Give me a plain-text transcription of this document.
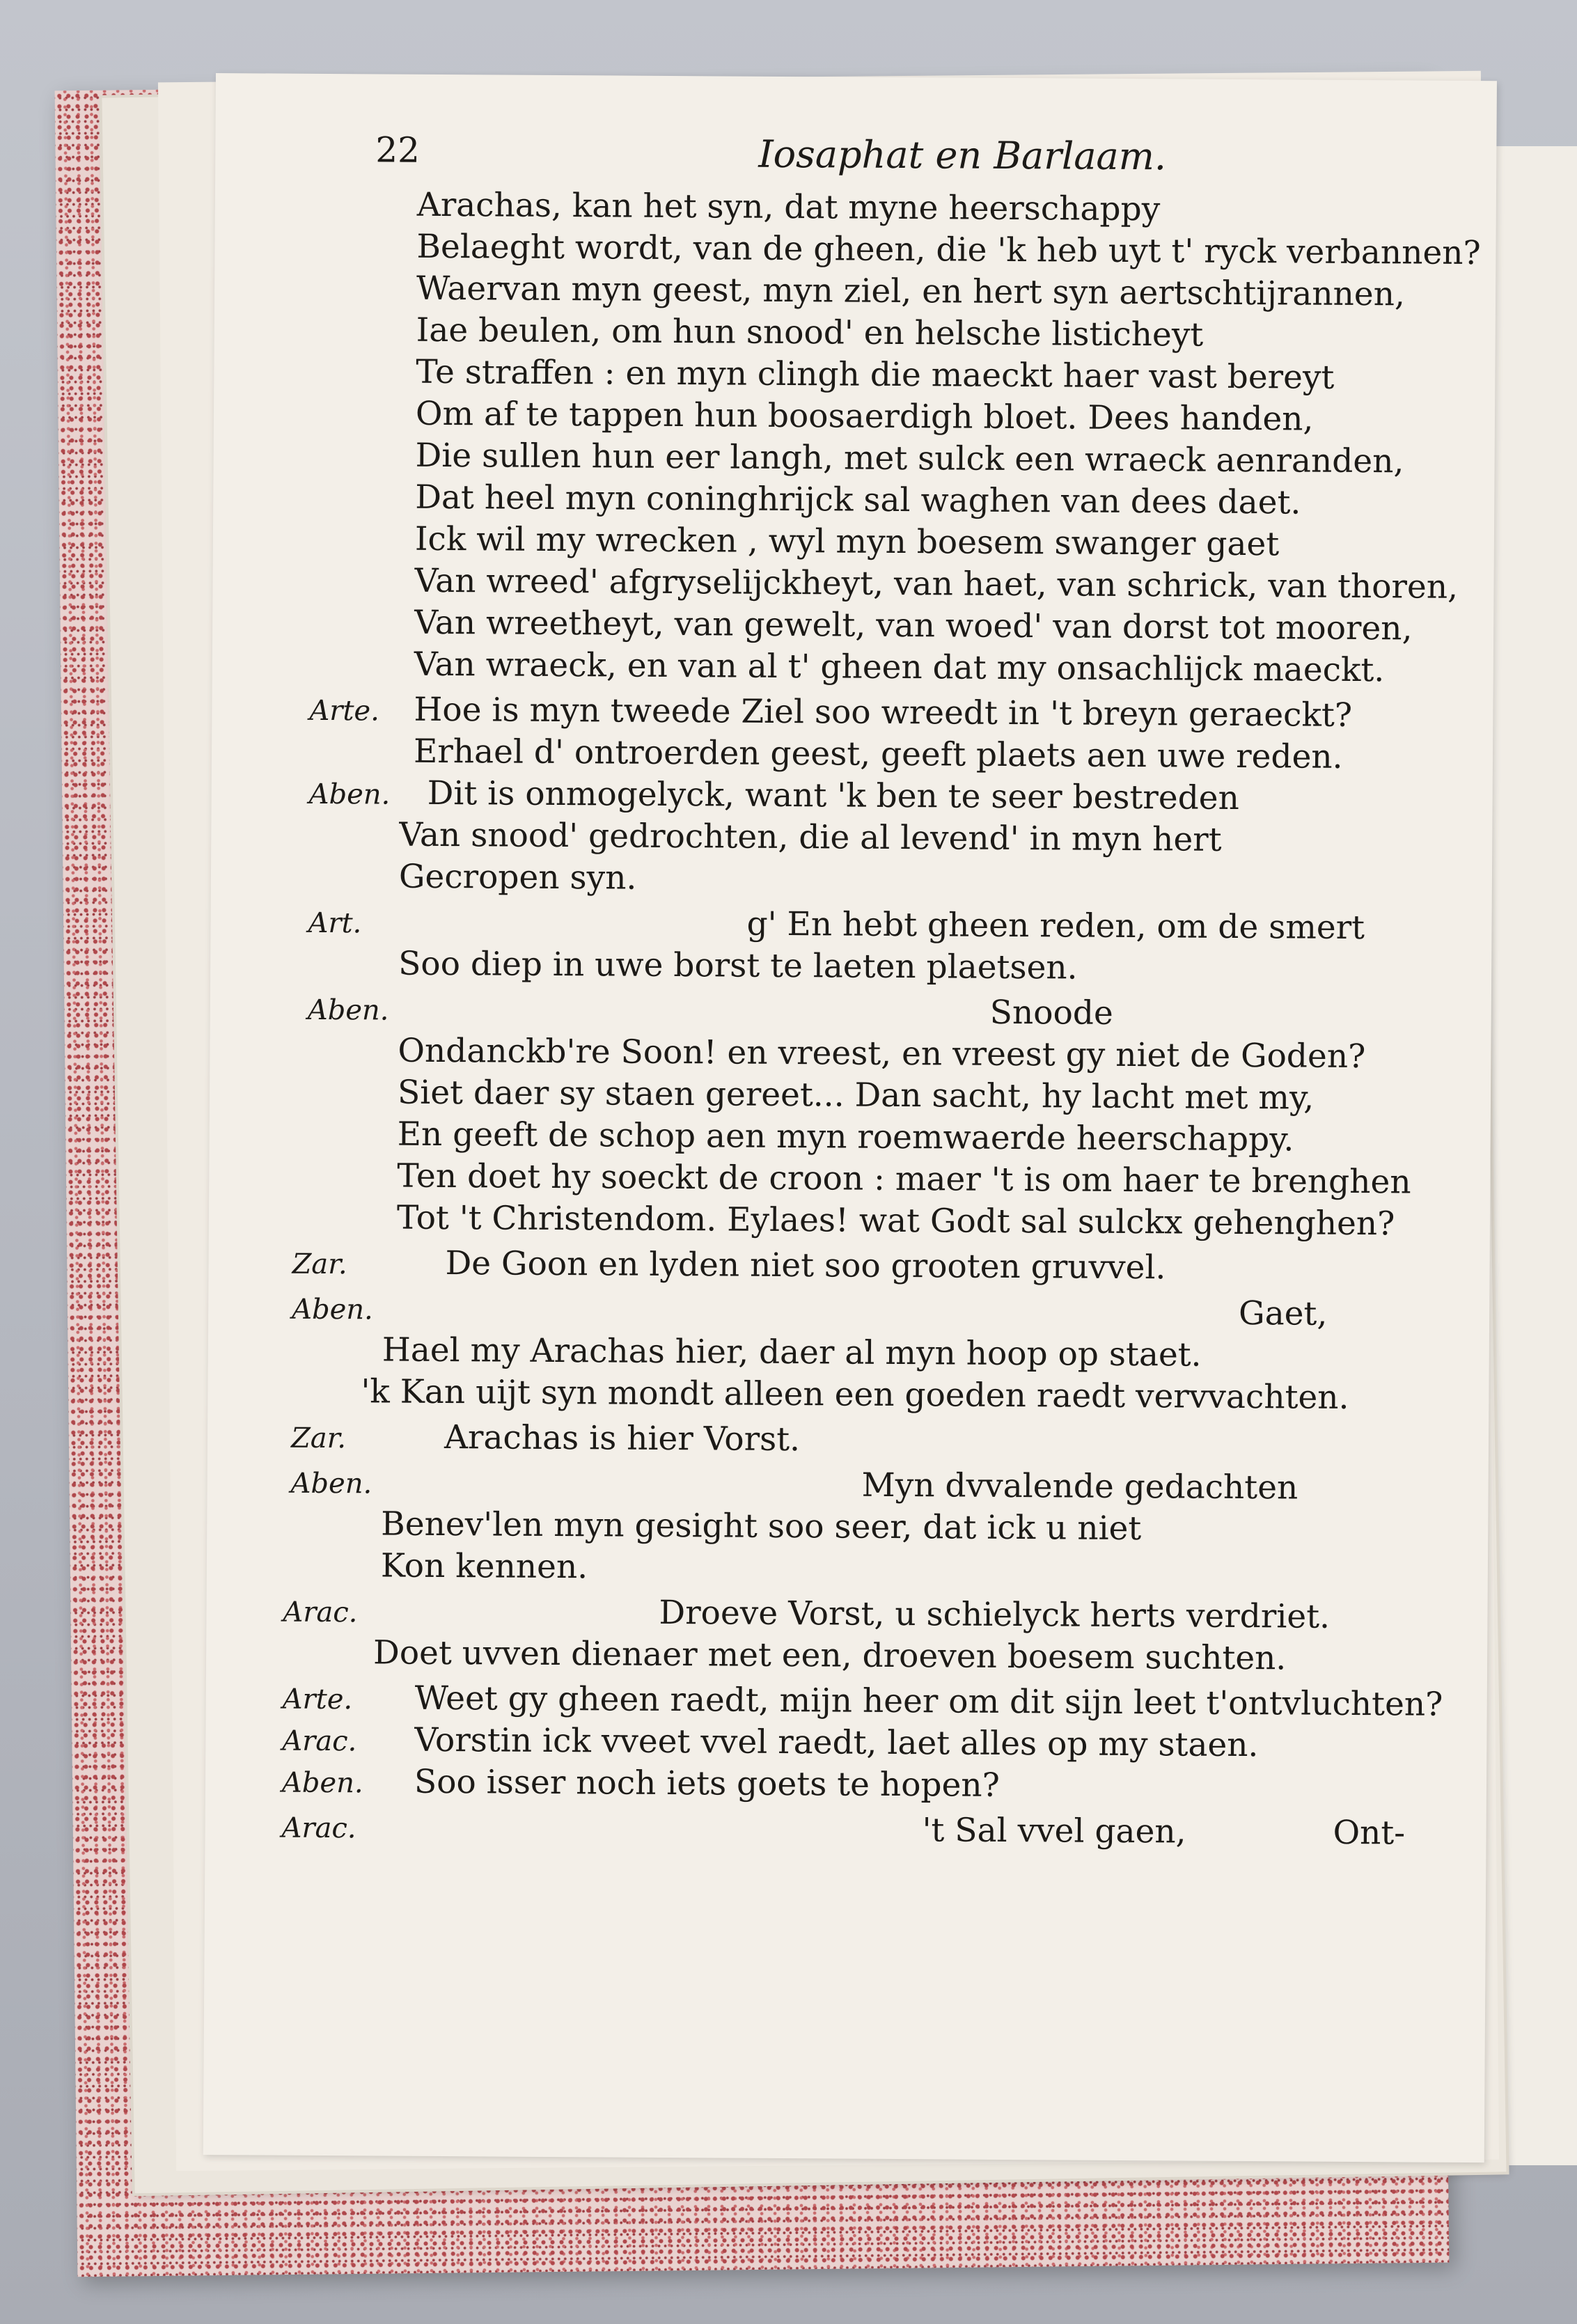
22	Iosaphat en Barlaam.
Arachas, kan het syn, dat myne heerschappy
Belaeght wordt, van de gheen, die 'k heb uyt t' ryck verbannen?
Waervan myn geest, myn ziel, en hert syn aertschtijrannen,
Iae beulen, om hun snood' en helsche listicheyt
Te straffen : en myn clingh die maeckt haer vast bereyt
Om af te tappen hun boosaerdigh bloet. Dees handen,
Die sullen hun eer langh, met sulck een wraeck aenranden,
Dat heel myn coninghrijck sal waghen van dees daet.
Ick wil my wrecken , wyl myn boesem swanger gaet
Van wreed' afgryselijckheyt, van haet, van schrick, van thoren,
Van wreetheyt, van gewelt, van woed' van dorst tot mooren,
Van wraeck, en van al t' gheen dat my onsachlijck maeckt.
Arte. Hoe is myn tweede Ziel soo wreedt in 't breyn geraeckt?
Erhael d' ontroerden geest, geeft plaets aen uwe reden.
Aben. Dit is onmogelyck, want 'k ben te seer bestreden
Van snood' gedrochten, die al levend' in myn hert
Gecropen syn.
Art.	g' En hebt gheen reden, om de smert
Soo diep in uwe borst te laeten plaetsen.
Aben.	Snoode
Ondanckb're Soon! en vreest, en vreest gy niet de Goden?
Siet daer sy staen gereet... Dan sacht, hy lacht met my,
En geeft de schop aen myn roemwaerde heerschappy.
Ten doet hy soeckt de croon : maer 't is om haer te brenghen
Tot 't Christendom. Eylaes! wat Godt sal sulckx gehenghen?
Zar.	De Goon en lyden niet soo grooten gruvvel.
Aben.	Gaet,
Hael my Arachas hier, daer al myn hoop op staet.
'k Kan uijt syn mondt alleen een goeden raedt vervvachten.
Zar.	Arachas is hier Vorst.
Aben.	Myn dvvalende gedachten
Benev'len myn gesight soo seer, dat ick u niet
Kon kennen.
Arac.	Droeve Vorst, u schielyck herts verdriet.
Doet uvven dienaer met een, droeven boesem suchten.
Arte. Weet gy gheen raedt, mijn heer om dit sijn leet t'ontvluchten?
Arac. Vorstin ick vveet vvel raedt, laet alles op my staen.
Aben. Soo isser noch iets goets te hopen?
Arac.	't Sal vvel gaen,	Ont-
